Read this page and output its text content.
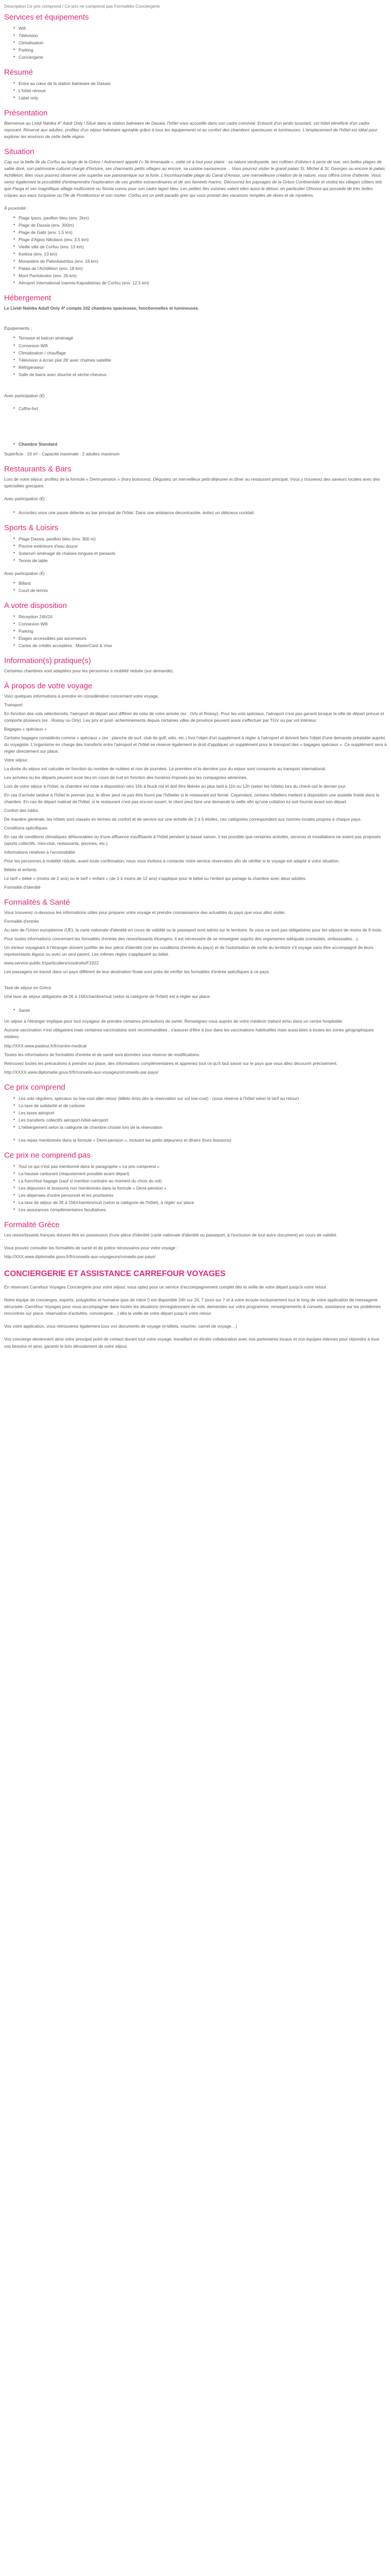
Description Ce prix comprend / Ce prix ne comprend pas Formalités Conciergerie

Services et équipements
• Wifi
• Télévision
• Climatisation
• Parking
• Conciergerie
Résumé
• Entre au cœur de la station balnéaire de Dasaia
• L'hôtel rénové
• Label only
Présentation

Bienvenue au Lividi Nahika 4* Adult Only ! Situé dans la station balnéaire de Dasaia, l'hôtel vous accueille dans son cadre convivial. Entouré d'un jardin luxuriant, cet hôtel bénéficie d'un cadre reposant. Réservé aux adultes, profitez d'un séjour balnéaire agréable grâce à tous les équipements et au confort des chambres spacieuses et lumineuses. L'emplacement de l'hôtel est idéal pour explorer les environs de cette belle région.

Situation

Cap sur la belle île de Corfou au large de la Grèce ! Autrement appelé l'« île émeraude », cette cé à tout pour plaire : sa nature verdoyante, ses collines d'oliviers à perte de vue, ses belles plages de sable doré, son patrimoine culturel chargé d'histoire, ses charmants petits villages au encore, sa cuisine savoureuse… Vous pourrez visiter le grand palais St. Michel & St. Georges ou encore le palais Achilléion, êtes vous pourrez observer une superbe vue panoramique sur la forte. L'incontournable plage du Canal d'Amour, une merveilleuse création de la nature, vous offrira crime d'attente. Vous serez également la possibilité d'entreprendre l'exploration de ces grottes extraordinaires et de ses fameels marins. Découvrez les paysages de la Grèce Continentale et visitez les villages côtiers tels que Parga et ses magnifique village multicolore ou Sivota connu pour son cadre lagon bleu. Les petites îles voisines valent elles aussi le détour, en particulier Othonoi qui possède de très belles criques aux eaux turquoise ou l'île de Pontikonissi et son rocher. Corfou est un petit paradis grec qui vous promet des vacances remplies de rêves et de mystères.

À proximité :

• Plage Ipsos, pavillon bleu (env. 2km)
• Plage de Dassia (env. 300m)
• Plage de Gabr (env. 1,5 km)
• Plage d'Agios Nikolaos (env. 3,5 km)
• Vieille ville de Corfou (env. 13 km)
• Kerkira (env. 13 km)
• Monastère de Paleokastritsa (env. 16 km)
• Palais de l'Achilléion (env. 18 km)
• Mont Pantokrator (env. 26 km)
• Aéroport International Ioannis-Kapodistrias de Corfou (env. 12,5 km)
Hébergement

Le Lividi Nahika Adult Only 4* compte 102 chambres spacieuses, fonctionnelles et lumineuses.

Équipements :

• Terrasse et balcon aménagé
• Connexion Wifi
• Climatisation / chauffage
• Télévision à écran plat 28' avec chaînes satellite
• Réfrigérateur
• Salle de bains avec douche et sèche-cheveux

Avec participation (€) :

• Coffre-fort
• Chambre Standard

Superficie : 19 m² - Capacité maximale : 2 adultes maximum

Restaurants & Bars

Lors de votre séjour, profitez de la formule « Demi-pension » (hors boissons). Dégustez un merveilleux petit-déjeuner et dîner au restaurant principal. Vous y trouverez des saveurs locales avec des spécialités grecques.

Avec participation (€) :

• Accordez-vous une pause détente au bar principal de l'hôtel. Dans une ambiance décontractée, évitez un délicieux cocktail.
Sports & Loisirs
• Plage Dassia, pavillon bleu (env. 300 m)
• Piscine extérieure d'eau douce
• Solarium aménagé de chaises longues et parasols
• Tennis de table

Avec participation (€) :

• Billard
• Court de tennis
A votre disposition
• Réception 24h/24
• Connexion Wifi
• Parking
• Étages accessibles par ascenseurs
• Cartes de crédits acceptées : MasterCard & Visa
Information(s) pratique(s)

Certaines chambres sont adaptées pour les personnes à mobilité réduite (sur demande).

À propos de votre voyage

Voici quelques informations à prendre en considération concernant votre voyage.

Transport

En fonction des vols sélectionnés, l'aéroport de départ peut différer de celui de votre arrivée (ex : Orly et Roissy). Pour les vols spéciaux, l'aéroport n'est pas garanti lorsque la ville de départ prévue et comporte plusieurs (ex : Roissy ou Orly). Les prix et post- acheminements depuis certaines villes de province peuvent aussi s'effectuer par TGV ou par vol intérieur.

Bagages « spéciaux »

Certains bagages considérés comme « spéciaux » (ex : planche de surf, club de golf, vélo, etc.) font l'objet d'un supplément à régler à l'aéroport et doivent faire l'objet d'une demande préalable auprès du voyagiste. L'organisme en charge des transferts entre l'aéroport et l'hôtel se réserve également le droit d'appliquer un supplément pour le transport des « bagages spéciaux ». Ce supplément sera à régler directement sur place.

Votre séjour

La durée du séjour est calculée en fonction du nombre de nuitées et non de journées. La première et la dernière jour du séjour sont consacrés au transport international.

Les arrivées ou les départs peuvent avoir lieu en cours de nuit en fonction des horaires imposés par les compagnies aériennes.

Lors de votre séjour à l'hôtel, la chambre est mise à disposition vers 15h à fsuck nid et doit être libérée au plus tard à 11h ou 12h (selon les hôtels) lors du check-out le dernier jour.

En cas d'arrivée tardive à l'hôtel le premier jour, le dîner peut ne pas être fourni par l'hôtelier si le restaurant est fermé. Cependant, certains hôteliers mettent à disposition une assiette froide dans la chambre. En cas de départ matinal de l'hôtel, si le restaurant n'est pas encore ouvert, le client peut faire une demande la veille afin qu'une collation lui soit fournie avant son départ.

Confort des lobbs

De manière générale, les hôtels sont classés en termes de confort et de service sur une échelle de 2 à 5 étoiles, ces catégories correspondent aux normes locales propres à chaque pays.

Conditions spécifiques

En cas de conditions climatiques défavorables ou d'une affluence insuffisante à l'hôtel pendant la basse saison, il est possible que certaines activités, services et installations ne soient pas proposés (sports collectifs, mini-club, restaurants, piscines, etc.).

Informations relatives à l'accessibilité

Pour les personnes à mobilité réduite, avant toute confirmation, nous vous invitons à contacter notre service réservation afin de vérifier si le voyage est adapté à votre situation.

Bébés et enfants

Le tarif « bébé » (moins de 2 ans) ou le tarif « enfant » (de 2 à moins de 12 ans) s'applique pour le bébé ou l'enfant qui partage la chambre avec deux adultes.

Formalité d'identité

Formalités & Santé

Vous trouverez ci-dessous les informations utiles pour préparer votre voyage et prendre connaissance des actualités du pays que vous allez visiter.

Formalité d'entrée

Au sein de l'Union européenne (UE), la carte nationale d'identité en cours de validité ou le passeport sont admis sur le territoire. Ils vous ne sont pas obligatoires pour les séjours de moins de 6 mois.

Pour toutes informations concernant les formalités d'entrée des ressortissants étrangers, il est nécessaire de se renseigner auprès des organismes adéquats (consulats, ambassades…).

Un mineur voyageant à l'étranger doivent justifier de leur pièce d'identité (voir les conditions d'entrée du pays) et de l'autorisation de sortie du territoire s'il voyage sans être accompagné de leurs représentants légaux ou avec un seul parent. Les mêmes règles s'appliquent au bébé.

www.service-public.fr/particuliers/vosdroits/F1922

Les passagers en transit dans un pays différent de leur destination finale sont priés de vérifier les formalités d'entrée spécifiques à ce pays.

Taxe de séjour en Grèce

Une taxe de séjour obligatoire de 2€ à 15€/chambre/nuit (selon la catégorie de l'hôtel) est à régler sur place.

• Santé

Un séjour à l'étranger implique pour tout voyageur de prendre certaines précautions de santé. Renseignez-vous auprès de votre médecin traitant et/ou dans un centre hospitalier.

Aucune vaccination n'est obligatoire mais certaines vaccinations sont recommandées ; s'assurer d'être à jour dans les vaccinations habituelles mais aussi liées à toutes les zones géographiques visitées.

http://XXX.www.pasteur.fr/fr/centre-medical

Toutes les informations de formalités d'entrée et de santé sont données sous réserve de modifications.

Retrouvez toutes les précautions à prendre sur place, des informations complémentaires et apprenez tout ce qu'il faut savoir sur le pays que vous allez découvrir précisément.

http://XXXX.www.diplomatie.gouv.fr/fr/conseils-aux-voyageurs/conseils-par-pays/

Ce prix comprend
• Les vols réguliers, spéciaux ou low-cost aller-retour (billets émis dès la réservation sur vol low-cost) - (sous réserve à l'hôtel selon le tarif au retour)
• La taxe de solidarité et de carbone
• Les taxes aéroport
• Les transferts collectifs aéroport-hôtel-aéroport
• L'hébergement selon la catégorie de chambre choisie lors de la réservation
• Les repas mentionnés dans la formule « Demi-pension », incluant les petits déjeuners et dîners (hors boissons)
Ce prix ne comprend pas
• Tout ce qui n'est pas mentionné dans le paragraphe « Le prix comprend »
• La hausse carburant (réajustement possible avant départ)
• La franchise bagage (sauf si mention contraire au moment du choix du vol)
• Les déjeuners et boissons non mentionnés dans la formule « Demi-pension »
• Les dépenses d'ordre personnel et les pourboires
• La taxe de séjour de 2€ à 15€/chambre/nuit (selon la catégorie de l'hôtel), à régler sur place
• Les assurances complémentaires facultatives.
Formalité Grèce

Les ressortissants français doivent être en possession d'une pièce d'identité (carte nationale d'identité ou passeport, à l'exclusion de tout autre document) en cours de validité.

Vous pouvez consulter les formalités de santé et de police nécessaires pour votre voyage :

http://XXX.www.diplomatie.gouv.fr/fr/conseils-aux-voyageurs/conseils-par-pays/

CONCIERGERIE ET ASSISTANCE CARREFOUR VOYAGES

En réservant Carrefour Voyages Conciergerie pour votre séjour, vous optez pour un service d'accompagnement complet dès la veille de votre départ jusqu'à votre retour.

Notre équipe de concierges, experts, polyglottes et humaine (pas de robot !) est disponible 24h sur 24, 7 jours sur 7 et à votre écoute exclusivement tout le long de votre application de messagerie sécurisée. Carrefour Voyages pour vous accompagner dans toutes les situations (enregistrement de vols, demandes sur votre programme, renseignements & conseils, assistance sur les problèmes rencontrés sur place, réservation d'activités, conciergerie…) dès la veille de votre départ jusqu'à votre retour.

Vos votre application, vous retrouverez également tous vos documents de voyage (e-billets, voucher, carnet de voyage…)

Vos concierge deviennent ainsi votre principal point de contact durant tout votre voyage, travaillant en étroite collaboration avec nos partenaires locaux et nos équipes internes pour répondre à tous vos besoins et ainsi, garantir le bon déroulement de votre séjour.
